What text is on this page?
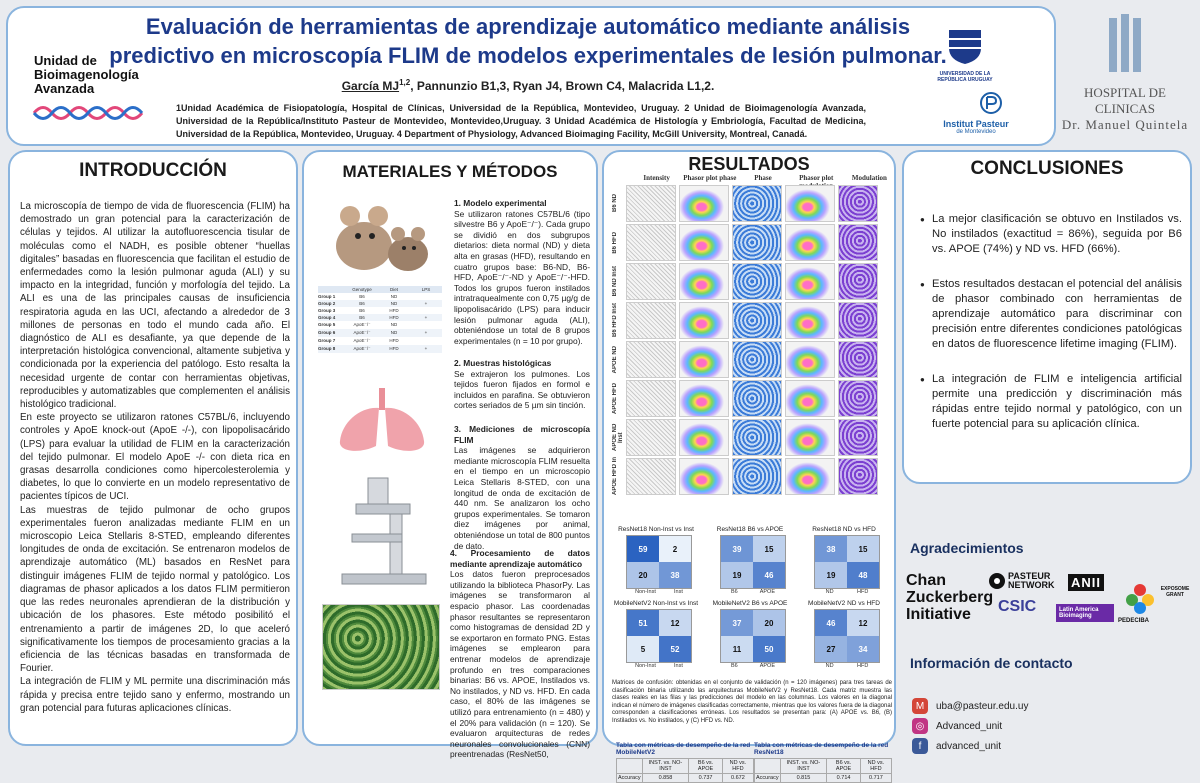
Unidad de
Bioimagenología
Avanzada
Evaluación de herramientas de aprendizaje automático mediante análisis predictivo en microscopía FLIM de modelos experimentales de lesión pulmonar.
García MJ$^{1,2}$, Pannunzio B1,3, Ryan J4, Brown C4, Malacrida L1,2.
1Unidad Académica de Fisiopatología, Hospital de Clínicas, Universidad de la República, Montevideo, Uruguay. 2 Unidad de Bioimagenología Avanzada, Universidad de la República/Instituto Pasteur de Montevideo, Montevideo,Uruguay. 3 Unidad Académica de Histología y Embriología, Facultad de Medicina, Universidad de la República, Montevideo, Uruguay. 4 Department of Physiology, Advanced Bioimaging Facility, McGill University, Montreal, Canadá.
UNIVERSIDAD DE LA REPÚBLICA URUGUAY
Institut Pasteur
de Montevideo
HOSPITAL DE CLINICAS
Dr. Manuel Quintela
INTRODUCCIÓN

La microscopía de tiempo de vida de fluorescencia (FLIM) ha demostrado un gran potencial para la caracterización de células y tejidos. Al utilizar la autofluorescencia tisular de moléculas como el NADH, es posible obtener “huellas digitales” basadas en fluorescencia que facilitan el estudio de enfermedades como la lesión pulmonar aguda (ALI) y su impacto en la integridad, función y morfología del tejido. La ALI es una de las principales causas de insuficiencia respiratoria aguda en las UCI, afectando a alrededor de 3 millones de personas en todo el mundo cada año. El diagnóstico de ALI es desafiante, ya que depende de la interpretación histológica convencional, altamente subjetiva y condicionada por la experiencia del patólogo. Esto resalta la necesidad urgente de contar con herramientas objetivas, reproducibles y automatizables que complementen el análisis histológico tradicional.

En este proyecto se utilizaron ratones C57BL/6, incluyendo controles y ApoE knock-out (ApoE -/-), con lipopolisacárido (LPS) para evaluar la utilidad de FLIM en la caracterización del tejido pulmonar. El modelo ApoE -/- con dieta rica en grasas desarrolla condiciones como hipercolesterolemia y diabetes, lo que lo convierte en un modelo representativo de pacientes típicos de UCI.

Las muestras de tejido pulmonar de ocho grupos experimentales fueron analizadas mediante FLIM en un microscopio Leica Stellaris 8-STED, empleando diferentes longitudes de onda de excitación. Se entrenaron modelos de aprendizaje automático (ML) basados en ResNet para distinguir imágenes FLIM de tejido normal y patológico. Los diagramas de phasor aplicados a los datos FLIM permitieron que las redes neuronales aprendieran de la distribución y ubicación de los phasores. Este método posibilitó el entrenamiento a partir de imágenes 2D, lo que aceleró significativamente los tiempos de procesamiento gracias a la eficiencia de las técnicas basadas en transformada de Fourier.

La integración de FLIM y ML permite una discriminación más rápida y precisa entre tejido sano y enfermo, mostrando un gran potencial para futuras aplicaciones clínicas.

MATERIALES Y MÉTODOS
Genotype	Diet	LPS
Group 1	B6	ND
Group 2	B6	ND	+
Group 3	B6	HFD
Group 4	B6	HFD	+
Group 5	ApoE⁻/⁻	ND
Group 6	ApoE⁻/⁻	ND	+
Group 7	ApoE⁻/⁻	HFD
Group 8	ApoE⁻/⁻	HFD	+
1. Modelo experimental
Se utilizaron ratones C57BL/6 (tipo silvestre B6 y ApoE⁻/⁻). Cada grupo se dividió en dos subgrupos dietarios: dieta normal (ND) y dieta alta en grasas (HFD), resultando en cuatro grupos base: B6-ND, B6-HFD, ApoE⁻/⁻-ND y ApoE⁻/⁻-HFD. Todos los grupos fueron instilados intratraquealmente con 0,75 µg/g de lipopolisacárido (LPS) para inducir lesión pulmonar aguda (ALI), obteniéndose un total de 8 grupos experimentales (n = 10 por grupo).
2. Muestras histológicas
Se extrajeron los pulmones. Los tejidos fueron fijados en formol e incluidos en parafina. Se obtuvieron cortes seriados de 5 µm sin tinción.
3. Mediciones de microscopía FLIM
Las imágenes se adquirieron mediante microscopía FLIM resuelta en el tiempo en un microscopio Leica Stellaris 8-STED, con una longitud de onda de excitación de 440 nm. Se analizaron los ocho grupos experimentales. Se tomaron diez imágenes por animal, obteniéndose un total de 800 puntos de dato.
4. Procesamiento de datos mediante aprendizaje automático
Los datos fueron preprocesados utilizando la biblioteca PhasorPy. Las imágenes se transformaron al espacio phasor. Las coordenadas phasor resultantes se representaron como histogramas de densidad 2D y se exportaron en formato PNG. Estas imágenes se emplearon para entrenar modelos de aprendizaje profundo en tres comparaciones binarias: B6 vs. APOE, Instilados vs. No instilados, y ND vs. HFD. En cada caso, el 80% de las imágenes se utilizó para entrenamiento (n = 480) y el 20% para validación (n = 120). Se evaluaron arquitecturas de redes neuronales convolucionales (CNN) preentrenadas (ResNet50,
RESULTADOS
Intensity	Phasor plot phase	Phase	Phasor plot	Modulation
B6 ND
B6 HFD
B6 ND Inst
B6 HFD Inst
APOE ND
APOE HFD
APOE ND Inst
APOE HFD In
ResNet18 Non-Inst vs Inst
59	2
20	38
Non-Inst	Inst
ResNet18 B6 vs APOE
39	15
19	46
B6	APOE
ResNet18 ND vs HFD
38	15
19	48
ND	HFD
MobileNetV2 Non-Inst vs Inst
51	12
5	52
Non-Inst	Inst
MobileNetV2 B6 vs APOE
37	20
11	50
B6	APOE
MobileNetV2 ND vs HFD
46	12
27	34
ND	HFD
Matrices de confusión: obtenidas en el conjunto de validación (n = 120 imágenes) para tres tareas de clasificación binaria utilizando las arquitecturas MobileNetV2 y ResNet18. Cada matriz muestra las clases reales en las filas y las predicciones del modelo en las columnas. Los valores en la diagonal indican el número de imágenes clasificadas correctamente, mientras que los valores fuera de la diagonal corresponden a clasificaciones erróneas. Los resultados se presentan para: (A) APOE vs. B6, (B) Instilados vs. No instilados, y (C) HFD vs. ND.
Tabla con métricas de desempeño de la red MobileNetV2
	INST. vs. NO-INST	B6 vs. APOE	ND vs. HFD
Accuracy	0.858	0.737	0.672
Tabla con métricas de desempeño de la red ResNet18
	INST. vs. NO-INST	B6 vs. APOE	ND vs. HFD
Accuracy	0.815	0.714	0.717
CONCLUSIONES
● La mejor clasificación se obtuvo en Instilados vs. No instilados (exactitud = 86%), seguida por B6 vs. APOE (74%) y ND vs. HFD (66%).
● Estos resultados destacan el potencial del análisis de phasor combinado con herramientas de aprendizaje automático para discriminar con precisión entre diferentes condiciones patológicas en datos de fluorescence lifetime imaging (FLIM).
● La integración de FLIM e inteligencia artificial permite una predicción y discriminación más rápidas entre tejido normal y patológico, con un fuerte potencial para su aplicación clínica.
Agradecimientos
Chan
Zuckerberg
Initiative
PASTEUR
NETWORK ANII
PEDECIBA
EXPOSOME GRANT
CSIC	Latin America Bioimaging
Información de contacto
M	uba@pasteur.edu.uy
◎	Advanced_unit
f	advanced_unit
